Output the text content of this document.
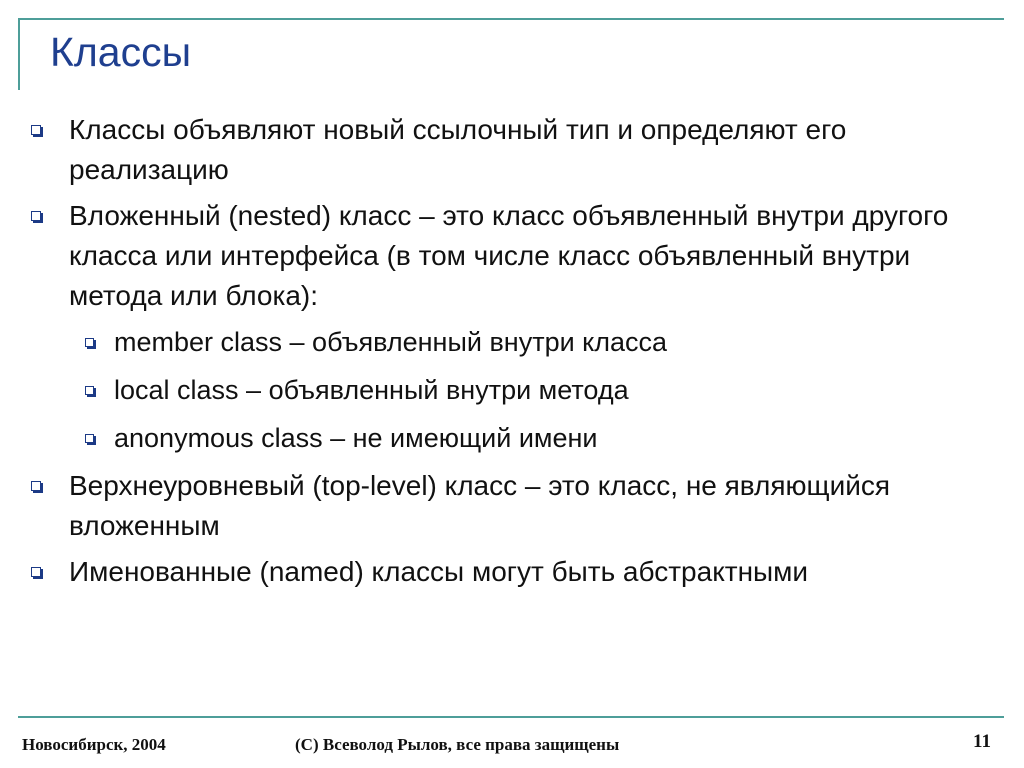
Классы
Классы объявляют новый ссылочный тип и определяют его реализацию
Вложенный (nested) класс – это класс объявленный внутри другого класса или интерфейса (в том числе класс объявленный внутри метода или блока):
member class – объявленный внутри класса
local class – объявленный внутри метода
anonymous class – не имеющий имени
Верхнеуровневый (top-level) класс – это класс, не являющийся вложенным
Именованные (named) классы могут быть абстрактными
Новосибирск, 2004	(С) Всеволод Рылов, все права защищены	11
